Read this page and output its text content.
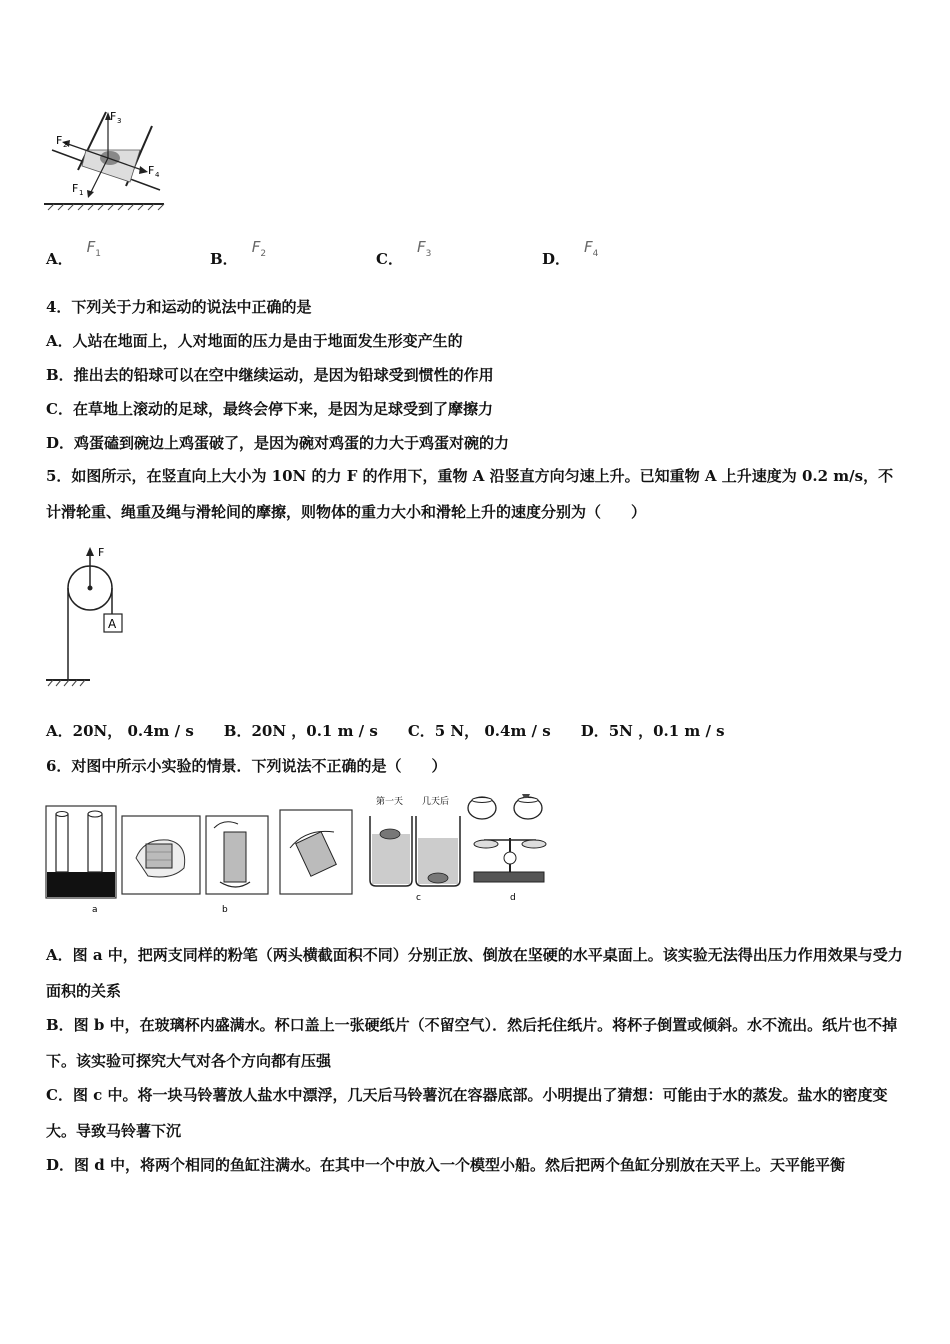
F 2
F 3
F 4
F 1
A．$F_1$	B．$F_2$	C．$F_3$	D．$F_4$
4．下列关于力和运动的说法中正确的是
A．人站在地面上，人对地面的压力是由于地面发生形变产生的
B．推出去的铅球可以在空中继续运动，是因为铅球受到惯性的作用
C．在草地上滚动的足球，最终会停下来，是因为足球受到了摩擦力
D．鸡蛋磕到碗边上鸡蛋破了，是因为碗对鸡蛋的力大于鸡蛋对碗的力
5．如图所示，在竖直向上大小为 10N 的力 F 的作用下，重物 A 沿竖直方向匀速上升。已知重物 A 上升速度为 0.2 m/s，不计滑轮重、绳重及绳与滑轮间的摩擦，则物体的重力大小和滑轮上升的速度分别为（　　）
F
A
A．20N， 0.4m / s　　B．20N ，0.1 m / s　　C．5 N， 0.4m / s　　D．5N ，0.1 m / s
6．对图中所示小实验的情景．下列说法不正确的是（　　）
a	b
第一天 几天后
c	d
A．图 a 中，把两支同样的粉笔（两头横截面积不同）分别正放、倒放在坚硬的水平桌面上。该实验无法得出压力作用效果与受力面积的关系
B．图 b 中，在玻璃杯内盛满水。杯口盖上一张硬纸片（不留空气）．然后托住纸片。将杯子倒置或倾斜。水不流出。纸片也不掉下。该实验可探究大气对各个方向都有压强
C．图 c 中。将一块马铃薯放人盐水中漂浮，几天后马铃薯沉在容器底部。小明提出了猜想：可能由于水的蒸发。盐水的密度变大。导致马铃薯下沉
D．图 d 中，将两个相同的鱼缸注满水。在其中一个中放入一个模型小船。然后把两个鱼缸分别放在天平上。天平能平衡
